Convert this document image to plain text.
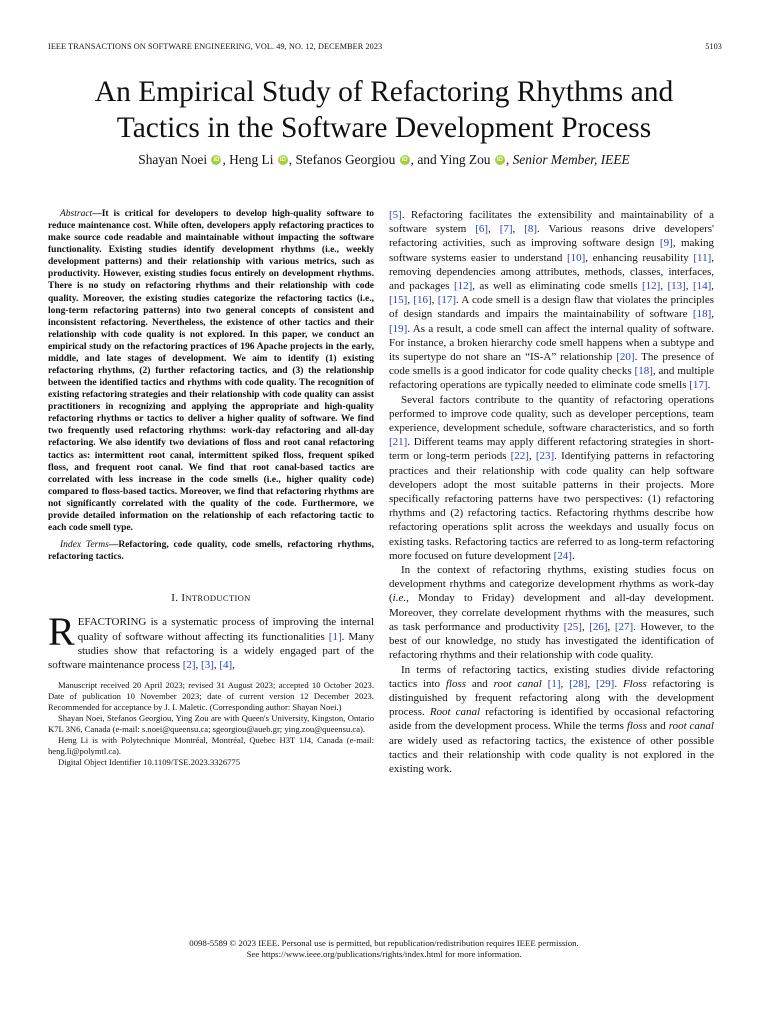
IEEE TRANSACTIONS ON SOFTWARE ENGINEERING, VOL. 49, NO. 12, DECEMBER 2023	5103
An Empirical Study of Refactoring Rhythms and
Tactics in the Software Development Process
Shayan Noei iD , Heng Li iD , Stefanos Georgiou iD , and Ying Zou iD , Senior Member, IEEE

Abstract—It is critical for developers to develop high-quality software to reduce maintenance cost. While often, developers apply refactoring practices to make source code readable and maintainable without impacting the software functionality. Existing studies identify development rhythms (i.e., weekly development patterns) and their relationship with various metrics, such as productivity. However, existing studies focus entirely on development rhythms. There is no study on refactoring rhythms and their relationship with code quality. Moreover, the existing studies categorize the refactoring tactics (i.e., long-term refactoring patterns) into two general concepts of consistent and inconsistent refactoring. Nevertheless, the existence of other tactics and their relationship with code quality is not explored. In this paper, we conduct an empirical study on the refactoring practices of 196 Apache projects in the early, middle, and late stages of development. We aim to identify (1) existing refactoring rhythms, (2) further refactoring tactics, and (3) the relationship between the identified tactics and rhythms with code quality. The recognition of existing refactoring strategies and their relationship with code quality can assist practitioners in recognizing and applying the appropriate and high-quality refactoring rhythms or tactics to deliver a higher quality of software. We find two frequently used refactoring rhythms: work-day refactoring and all-day refactoring. We also identify two deviations of floss and root canal refactoring tactics as: intermittent root canal, intermittent spiked floss, frequent spiked floss, and frequent root canal. We find that root canal-based tactics are correlated with less increase in the code smells (i.e., higher quality code) compared to floss-based tactics. Moreover, we find that refactoring rhythms are not significantly correlated with the quality of the code. Furthermore, we provide detailed information on the relationship of each refactoring tactic to each code smell type.

Index Terms—Refactoring, code quality, code smells, refactoring rhythms, refactoring tactics.

I. INTRODUCTION

REFACTORING is a systematic process of improving the internal quality of software without affecting its functionalities [1]. Many studies show that refactoring is a widely engaged part of the software maintenance process [2], [3], [4],

Manuscript received 20 April 2023; revised 31 August 2023; accepted 10 October 2023. Date of publication 10 November 2023; date of current version 12 December 2023. Recommended for acceptance by J. I. Maletic. (Corresponding author: Shayan Noei.)

Shayan Noei, Stefanos Georgiou, Ying Zou are with Queen's University, Kingston, Ontario K7L 3N6, Canada (e-mail: s.noei@queensu.ca; sgeorgiou@aueb.gr; ying.zou@queensu.ca).

Heng Li is with Polytechnique Montréal, Montréal, Quebec H3T 1J4, Canada (e-mail: heng.li@polymtl.ca).

Digital Object Identifier 10.1109/TSE.2023.3326775

[5]. Refactoring facilitates the extensibility and maintainability of a software system [6], [7], [8]. Various reasons drive developers' refactoring activities, such as improving software design [9], making software systems easier to understand [10], enhancing reusability [11], removing dependencies among attributes, methods, classes, interfaces, and packages [12], as well as eliminating code smells [12], [13], [14], [15], [16], [17]. A code smell is a design flaw that violates the principles of design standards and impairs the maintainability of software [18], [19]. As a result, a code smell can affect the internal quality of software. For instance, a broken hierarchy code smell happens when a subtype and its supertype do not share an “IS-A” relationship [20]. The presence of code smells is a good indicator for code quality checks [18], and multiple refactoring operations are typically needed to eliminate code smells [17].

Several factors contribute to the quantity of refactoring operations performed to improve code quality, such as developer perceptions, team experience, development schedule, software characteristics, and so forth [21]. Different teams may apply different refactoring strategies in short-term or long-term periods [22], [23]. Identifying patterns in refactoring practices and their relationship with code quality can help software developers adopt the most suitable patterns in their projects. More specifically refactoring patterns have two perspectives: (1) refactoring rhythms and (2) refactoring tactics. Refactoring rhythms describe how refactoring operations split across the weekdays and usually focus on existing tasks. Refactoring tactics are referred to as long-term refactoring more focused on future development [24].

In the context of refactoring rhythms, existing studies focus on development rhythms and categorize development rhythms as work-day (i.e., Monday to Friday) development and all-day development. Moreover, they correlate development rhythms with the measures, such as task performance and productivity [25], [26], [27]. However, to the best of our knowledge, no study has investigated the identification of refactoring rhythms and their relationship with code quality.

In terms of refactoring tactics, existing studies divide refactoring tactics into floss and root canal [1], [28], [29]. Floss refactoring is distinguished by frequent refactoring along with the development process. Root canal refactoring is identified by occasional refactoring aside from the development process. While the terms floss and root canal are widely used as refactoring tactics, the existence of other possible tactics and their relationship with code quality is not explored in the existing work.

0098-5589 © 2023 IEEE. Personal use is permitted, but republication/redistribution requires IEEE permission.
See https://www.ieee.org/publications/rights/index.html for more information.
